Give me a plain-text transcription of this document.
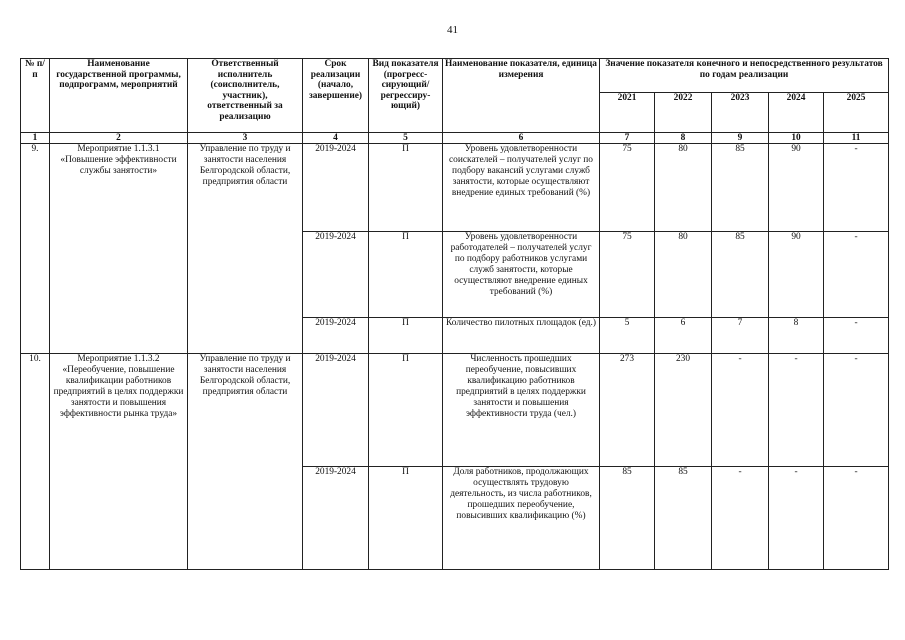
41
№ п/п	Наименование государственной программы, подпрограмм, мероприятий	Ответственный исполнитель (соисполнитель, участник), ответственный за реализацию	Срок реализации (начало, завершение)	Вид показателя (прогресс-сирующий/ регрессиру-ющий)	Наименование показателя, единица измерения	Значение показателя конечного и непосредственного результатов по годам реализации				
						2021	2022	2023	2024	2025
1	2	3	4	5	6	7	8	9	10	11
9.	Мероприятие 1.1.3.1 «Повышение эффективности службы занятости»	Управление по труду и занятости населения Белгородской области, предприятия области	2019-2024	П	Уровень удовлетворенности соискателей – получателей услуг по подбору вакансий услугами служб занятости, которые осуществляют внедрение единых требований (%)	75	80	85	90	-
			2019-2024	П	Уровень удовлетворенности работодателей – получателей услуг по подбору работников услугами служб занятости, которые осуществляют внедрение единых требований (%)	75	80	85	90	-
			2019-2024	П	Количество пилотных площадок (ед.)	5	6	7	8	-
10.	Мероприятие 1.1.3.2 «Переобучение, повышение квалификации работников предприятий в целях поддержки занятости и повышения эффективности рынка труда»	Управление по труду и занятости населения Белгородской области, предприятия области	2019-2024	П	Численность прошедших переобучение, повысивших квалификацию работников предприятий в целях поддержки занятости и повышения эффективности труда (чел.)	273	230	-	-	-
			2019-2024	П	Доля работников, продолжающих осуществлять трудовую деятельность, из числа работников, прошедших переобучение, повысивших квалификацию (%)	85	85	-	-	-
